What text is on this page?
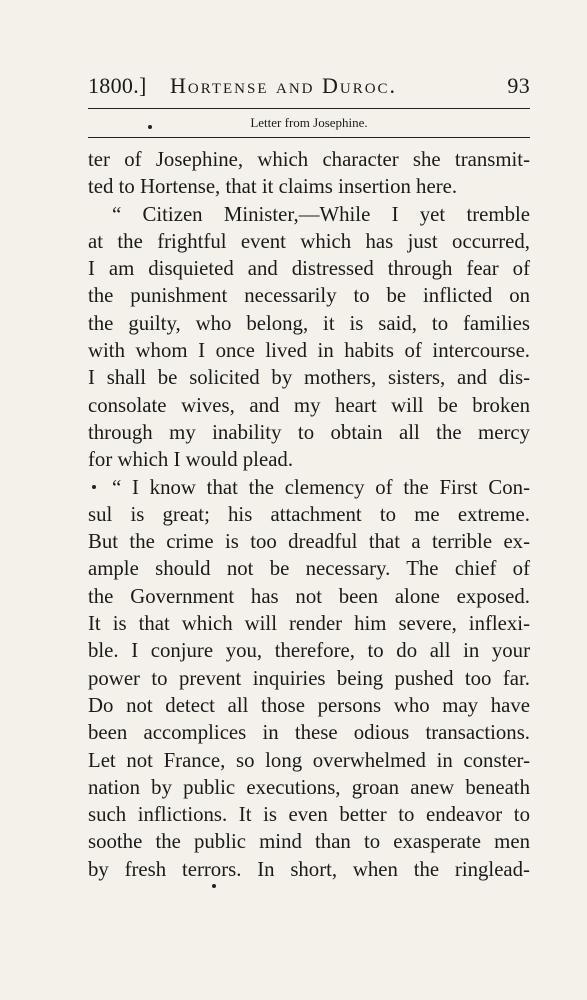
1800.] Hortense and Duroc.	93
Letter from Josephine.
ter of Josephine, which character she transmit-
ted to Hortense, that it claims insertion here.
“ Citizen Minister,—While I yet tremble
at the frightful event which has just occurred,
I am disquieted and distressed through fear of
the punishment necessarily to be inflicted on
the guilty, who belong, it is said, to families
with whom I once lived in habits of intercourse.
I shall be solicited by mothers, sisters, and dis-
consolate wives, and my heart will be broken
through my inability to obtain all the mercy
for which I would plead.
“ I know that the clemency of the First Con-
sul is great; his attachment to me extreme.
But the crime is too dreadful that a terrible ex-
ample should not be necessary. The chief of
the Government has not been alone exposed.
It is that which will render him severe, inflexi-
ble. I conjure you, therefore, to do all in your
power to prevent inquiries being pushed too far.
Do not detect all those persons who may have
been accomplices in these odious transactions.
Let not France, so long overwhelmed in conster-
nation by public executions, groan anew beneath
such inflictions. It is even better to endeavor to
soothe the public mind than to exasperate men
by fresh terrors. In short, when the ringlead-
